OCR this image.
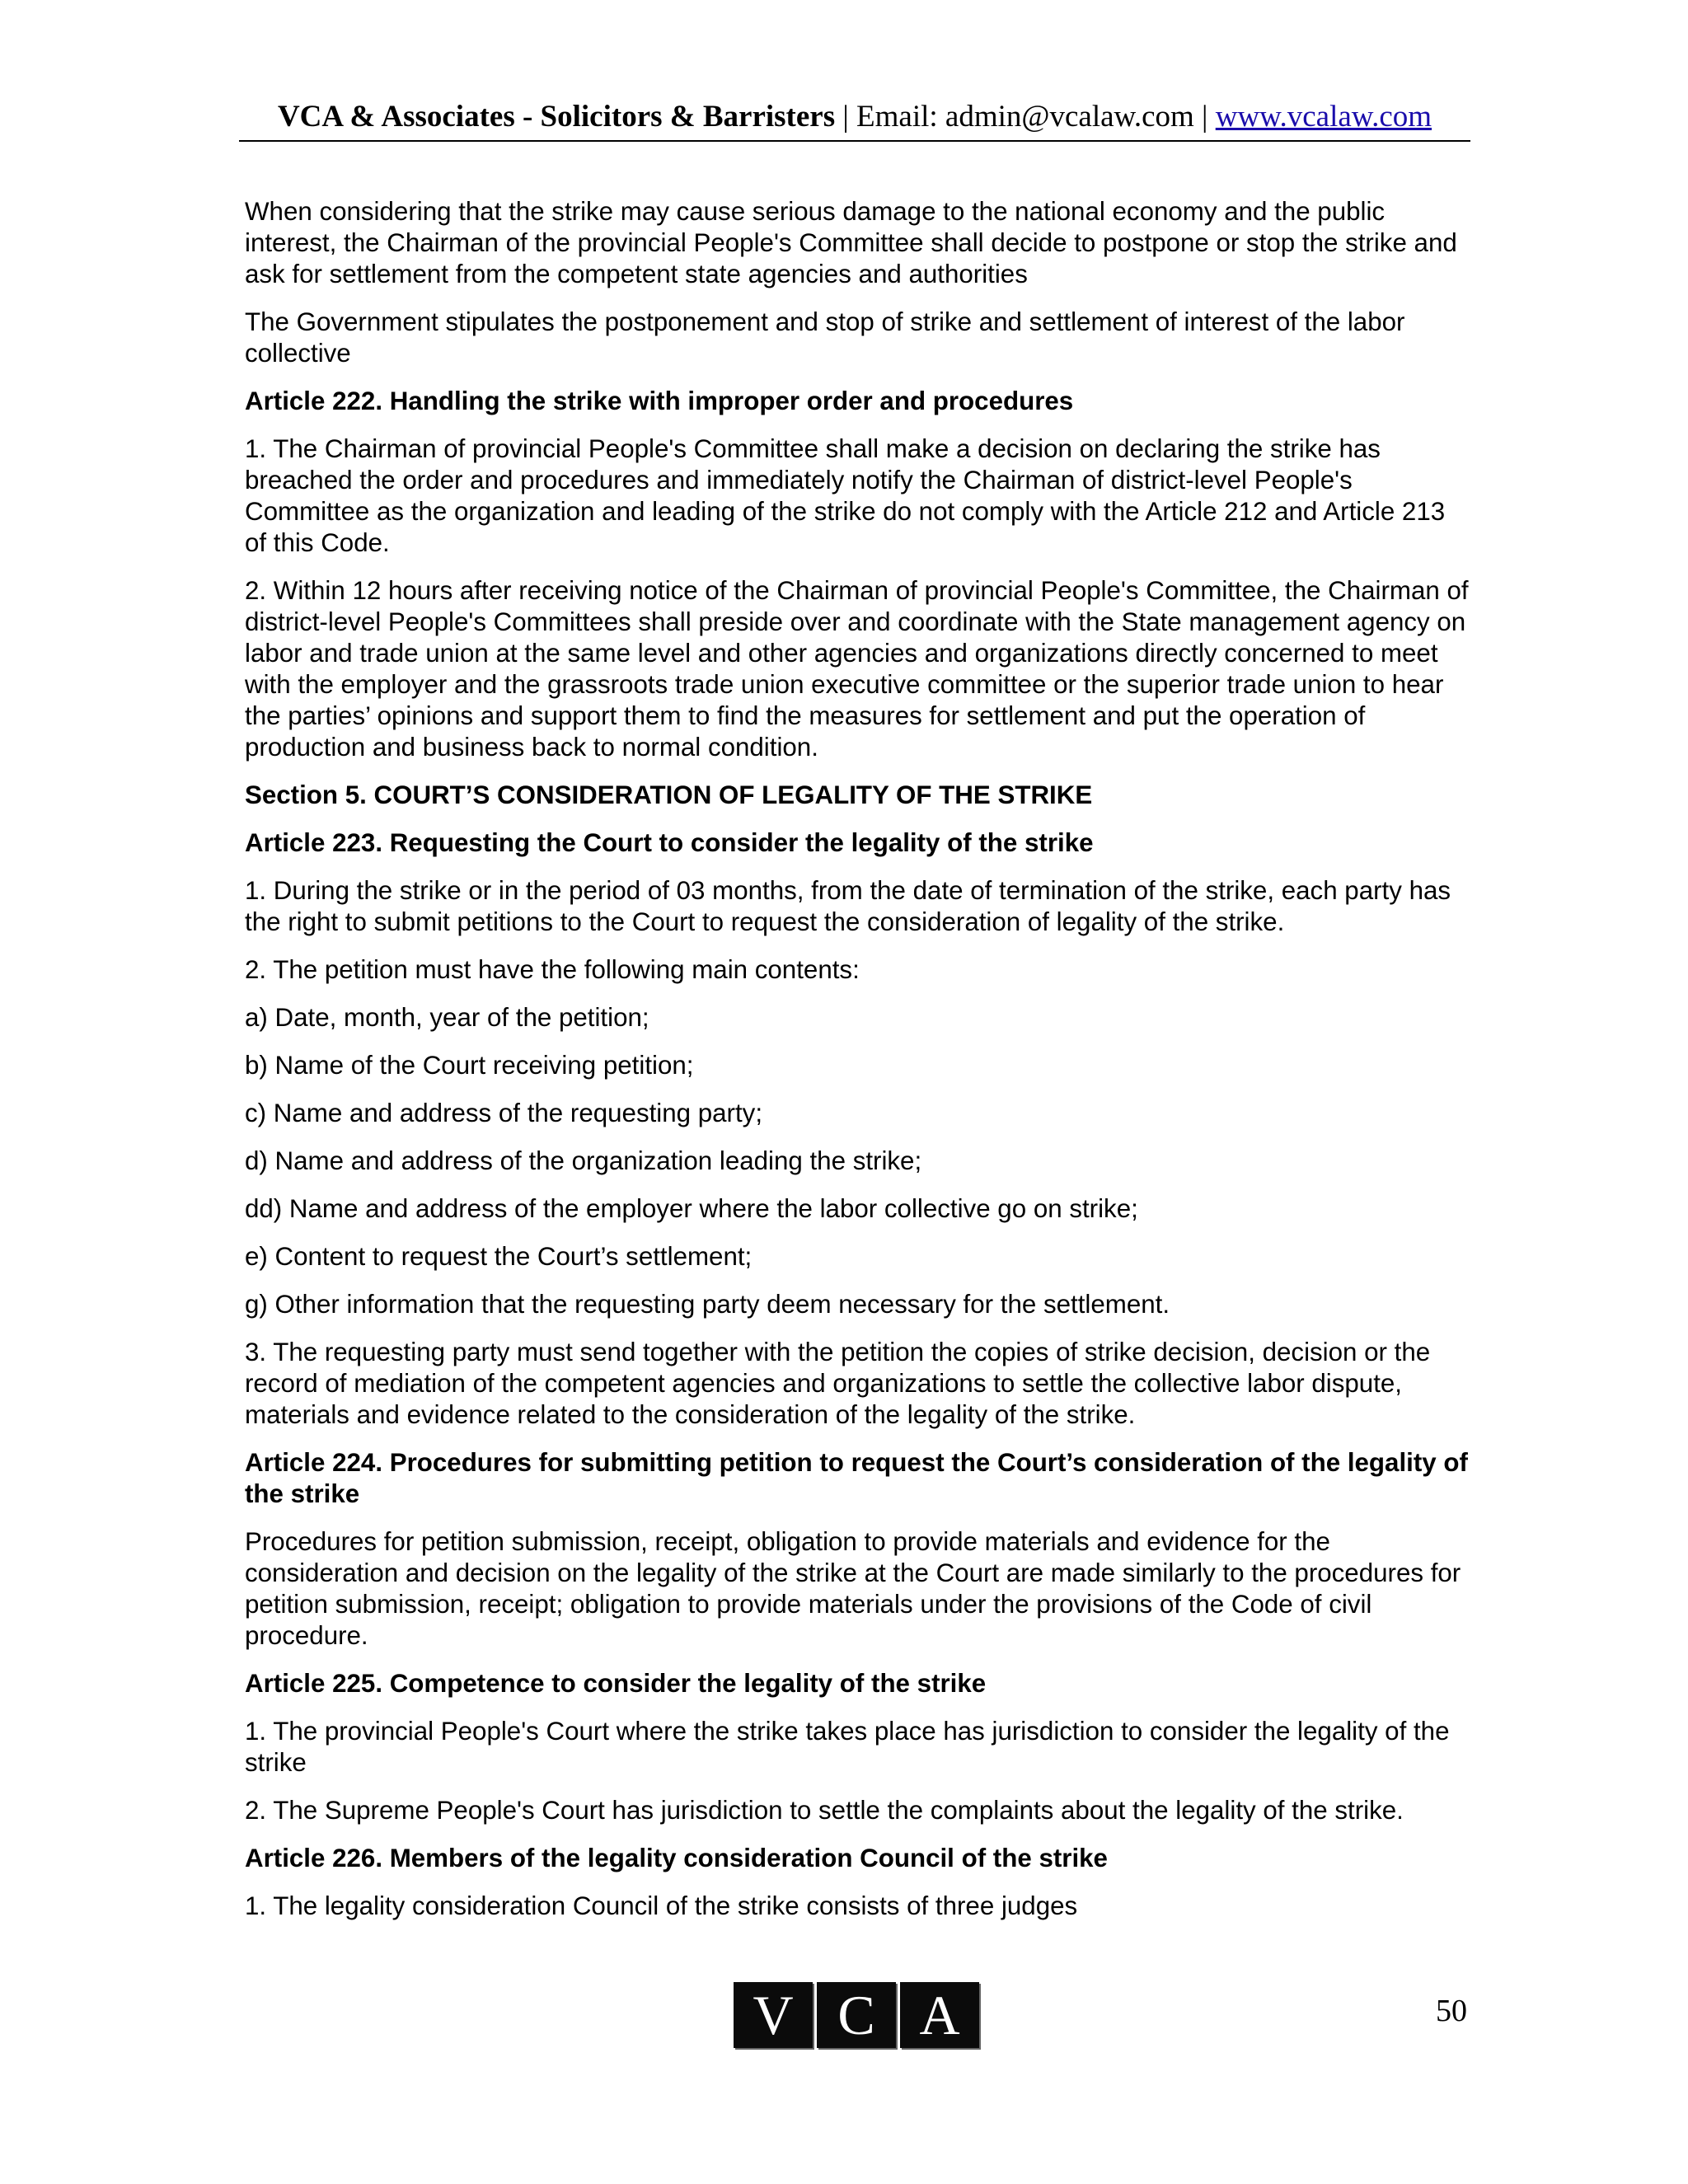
VCA & Associates - Solicitors & Barristers | Email: admin@vcalaw.com | www.vcalaw.com

When considering that the strike may cause serious damage to the national economy and the public interest, the Chairman of the provincial People's Committee shall decide to postpone or stop the strike and ask for settlement from the competent state agencies and authorities

The Government stipulates the postponement and stop of strike and settlement of interest of the labor collective

Article 222. Handling the strike with improper order and procedures

1. The Chairman of provincial People's Committee shall make a decision on declaring the strike has breached the order and procedures and immediately notify the Chairman of district-level People's Committee as the organization and leading of the strike do not comply with the Article 212 and Article 213 of this Code.

2. Within 12 hours after receiving notice of the Chairman of provincial People's Committee, the Chairman of district-level People's Committees shall preside over and coordinate with the State management agency on labor and trade union at the same level and other agencies and organizations directly concerned to meet with the employer and the grassroots trade union executive committee or the superior trade union to hear the parties’ opinions and support them to find the measures for settlement and put the operation of production and business back to normal condition.

Section 5. COURT’S CONSIDERATION OF LEGALITY OF THE STRIKE

Article 223. Requesting the Court to consider the legality of the strike

1. During the strike or in the period of 03 months, from the date of termination of the strike, each party has the right to submit petitions to the Court to request the consideration of legality of the strike.

2. The petition must have the following main contents:

a) Date, month, year of the petition;

b) Name of the Court receiving petition;

c) Name and address of the requesting party;

d) Name and address of the organization leading the strike;

dd) Name and address of the employer where the labor collective go on strike;

e) Content to request the Court’s settlement;

g) Other information that the requesting party deem necessary for the settlement.

3. The requesting party must send together with the petition the copies of strike decision, decision or the record of mediation of the competent agencies and organizations to settle the collective labor dispute, materials and evidence related to the consideration of the legality of the strike.

Article 224. Procedures for submitting petition to request the Court’s consideration of the legality of the strike

Procedures for petition submission, receipt, obligation to provide materials and evidence for the consideration and decision on the legality of the strike at the Court are made similarly to the procedures for petition submission, receipt; obligation to provide materials under the provisions of the Code of civil procedure.

Article 225. Competence to consider the legality of the strike

1. The provincial People's Court where the strike takes place has jurisdiction to consider the legality of the strike

2. The Supreme People's Court has jurisdiction to settle the complaints about the legality of the strike.

Article 226. Members of the legality consideration Council of the strike

1. The legality consideration Council of the strike consists of three judges

V C A	50
